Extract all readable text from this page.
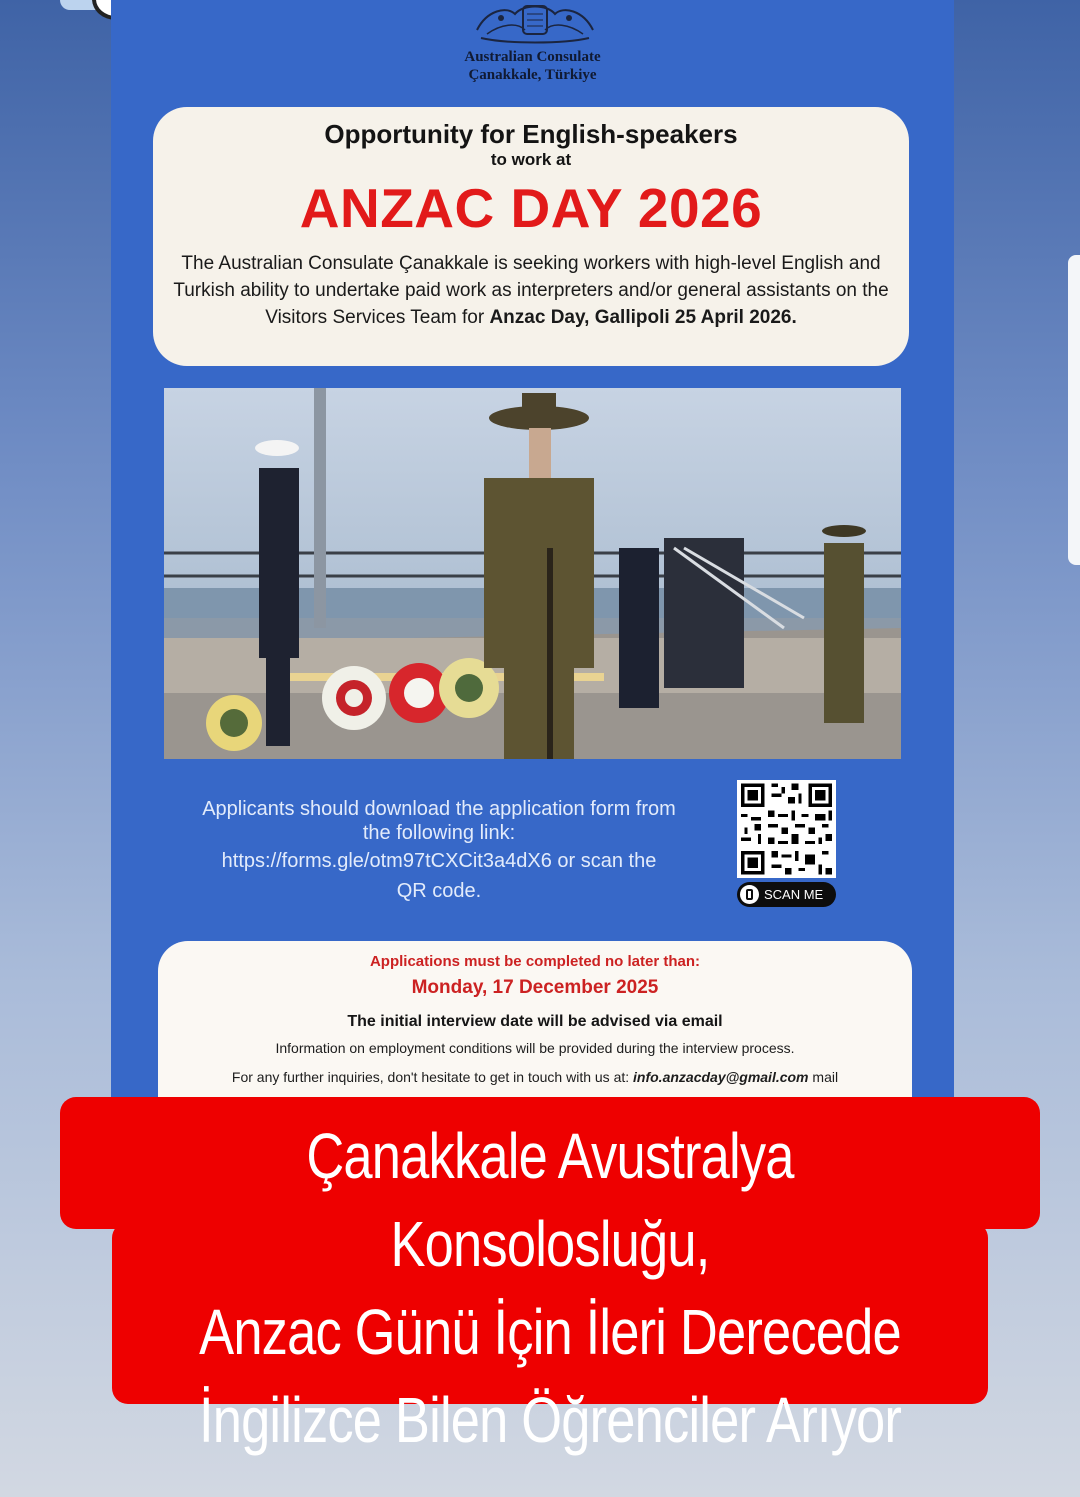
Australian Consulate
Çanakkale, Türkiye
Opportunity for English-speakers
to work at
ANZAC DAY 2026
The Australian Consulate Çanakkale is seeking workers with high-level English and Turkish ability to undertake paid work as interpreters and/or general assistants on the Visitors Services Team for Anzac Day, Gallipoli 25 April 2026.
Applicants should download the application form from the following link:
https://forms.gle/otm97tCXCit3a4dX6 or scan the
QR code.	SCAN ME
Applications must be completed no later than:
Monday, 17 December 2025
The initial interview date will be advised via email
Information on employment conditions will be provided during the interview process.
For any further inquiries, don't hesitate to get in touch with us at: info.anzacday@gmail.com mail
Çanakkale Avustralya Konsolosluğu,
Anzac Günü İçin İleri Derecede
İngilizce Bilen Öğrenciler Arıyor
